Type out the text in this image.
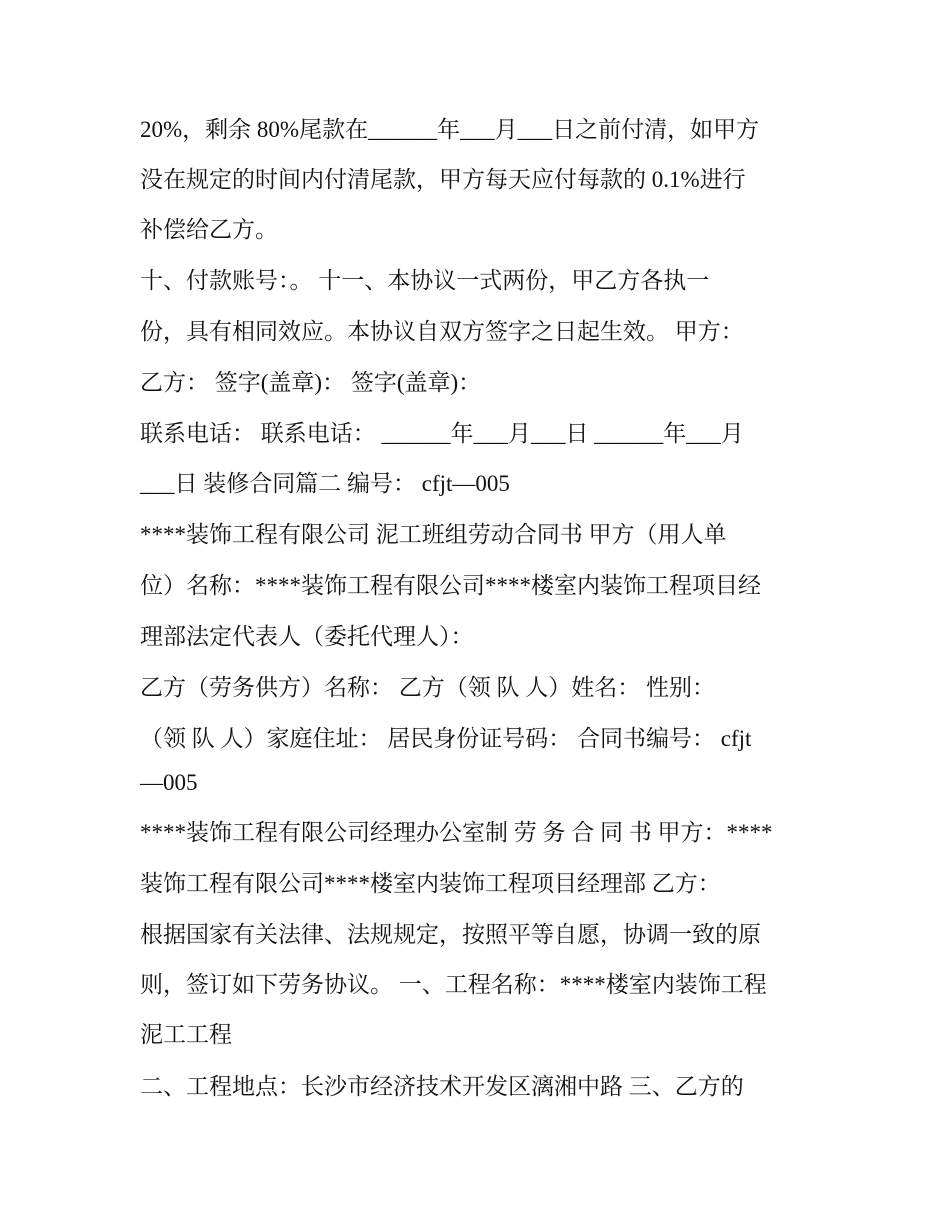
20%，剩余 80%尾款在______年___月___日之前付清，如甲方
没在规定的时间内付清尾款，甲方每天应付每款的 0.1%进行
补偿给乙方。
十、付款账号：。 十一、本协议一式两份，甲乙方各执一
份，具有相同效应。本协议自双方签字之日起生效。 甲方：
乙方： 签字(盖章)： 签字(盖章)：
联系电话： 联系电话： ______年___月___日 ______年___月
___日 装修合同篇二 编号： cfjt—005
****装饰工程有限公司 泥工班组劳动合同书 甲方（用人单
位）名称：****装饰工程有限公司****楼室内装饰工程项目经
理部法定代表人（委托代理人）：
乙方（劳务供方）名称： 乙方（领 队 人）姓名： 性别：
（领 队 人）家庭住址： 居民身份证号码： 合同书编号： cfjt
—005
****装饰工程有限公司经理办公室制 劳 务 合 同 书 甲方：****
装饰工程有限公司****楼室内装饰工程项目经理部 乙方：
根据国家有关法律、法规规定，按照平等自愿，协调一致的原
则，签订如下劳务协议。 一、工程名称：****楼室内装饰工程
泥工工程
二、工程地点：长沙市经济技术开发区漓湘中路 三、乙方的
